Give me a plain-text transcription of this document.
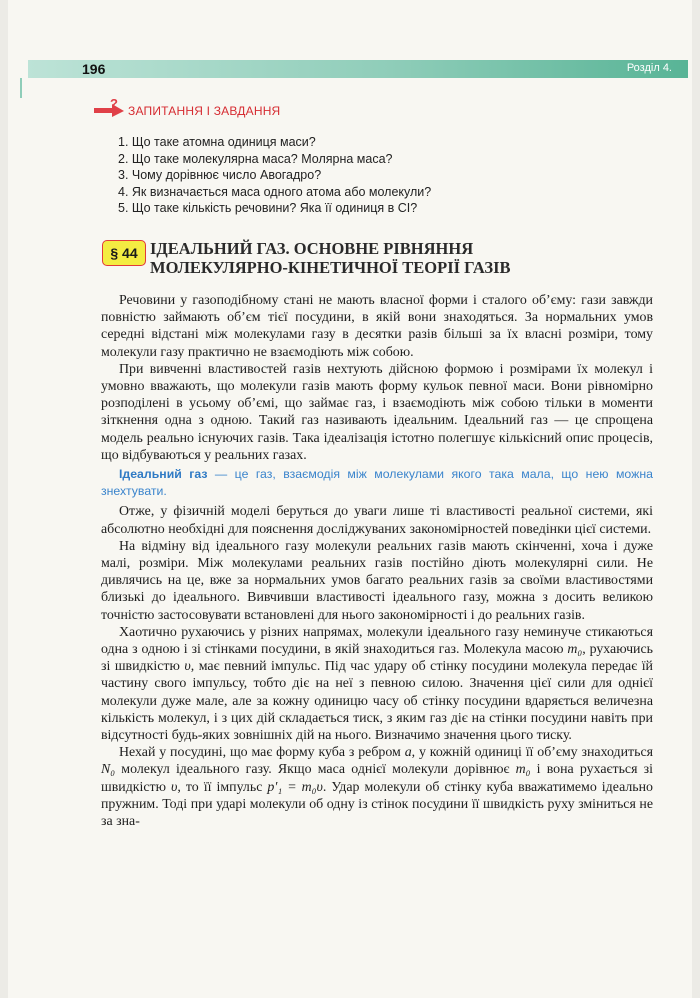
196	Розділ 4.
? ЗАПИТАННЯ І ЗАВДАННЯ
1. Що таке атомна одиниця маси?
2. Що таке молекулярна маса? Молярна маса?
3. Чому дорівнює число Авогадро?
4. Як визначається маса одного атома або молекули?
5. Що таке кількість речовини? Яка її одиниця в СІ?
§ 44 ІДЕАЛЬНИЙ ГАЗ. ОСНОВНЕ РІВНЯННЯ
МОЛЕКУЛЯРНО-КІНЕТИЧНОЇ ТЕОРІЇ ГАЗІВ

Речовини у газоподібному стані не мають власної форми і сталого об’єму: гази завжди повністю займають об’єм тієї посудини, в якій вони знаходяться. За нормальних умов середні відстані між молекулами газу в десятки разів більші за їх власні розміри, тому молекули газу практично не взаємодіють між собою.

При вивченні властивостей газів нехтують дійсною формою і розмірами їх молекул і умовно вважають, що молекули газів мають форму кульок певної маси. Вони рівномірно розподілені в усьому об’ємі, що займає газ, і взаємодіють між собою тільки в моменти зіткнення одна з одною. Такий газ називають ідеальним. Ідеальний газ — це спрощена модель реально існуючих газів. Така ідеалізація істотно полегшує кількісний опис процесів, що відбуваються у реальних газах.

Ідеальний газ — це газ, взаємодія між молекулами якого така мала, що нею можна знехтувати.

Отже, у фізичній моделі беруться до уваги лише ті властивості реальної системи, які абсолютно необхідні для пояснення досліджуваних закономірностей поведінки цієї системи.

На відміну від ідеального газу молекули реальних газів мають скінченні, хоча і дуже малі, розміри. Між молекулами реальних газів постійно діють молекулярні сили. Не дивлячись на це, вже за нормальних умов багато реальних газів за своїми властивостями близькі до ідеального. Вивчивши властивості ідеального газу, можна з досить великою точністю застосовувати встановлені для нього закономірності і до реальних газів.

Хаотично рухаючись у різних напрямах, молекули ідеального газу неминуче стикаються одна з одною і зі стінками посудини, в якій знаходиться газ. Молекула масою m₀, рухаючись зі швидкістю υ, має певний імпульс. Під час удару об стінку посудини молекула передає їй частину свого імпульсу, тобто діє на неї з певною силою. Значення цієї сили для однієї молекули дуже мале, але за кожну одиницю часу об стінку посудини вдаряється величезна кількість молекул, і з цих дій складається тиск, з яким газ діє на стінки посудини навіть при відсутності будь-яких зовнішніх дій на нього. Визначимо значення цього тиску.

Нехай у посудині, що має форму куба з ребром a, у кожній одиниці її об’єму знаходиться N₀ молекул ідеального газу. Якщо маса однієї молекули дорівнює m₀ і вона рухається зі швидкістю υ, то її імпульс p′₁ = m₀υ. Удар молекули об стінку куба вважатимемо ідеально пружним. Тоді при ударі молекули об одну із стінок посудини її швидкість руху зміниться не за зна-
